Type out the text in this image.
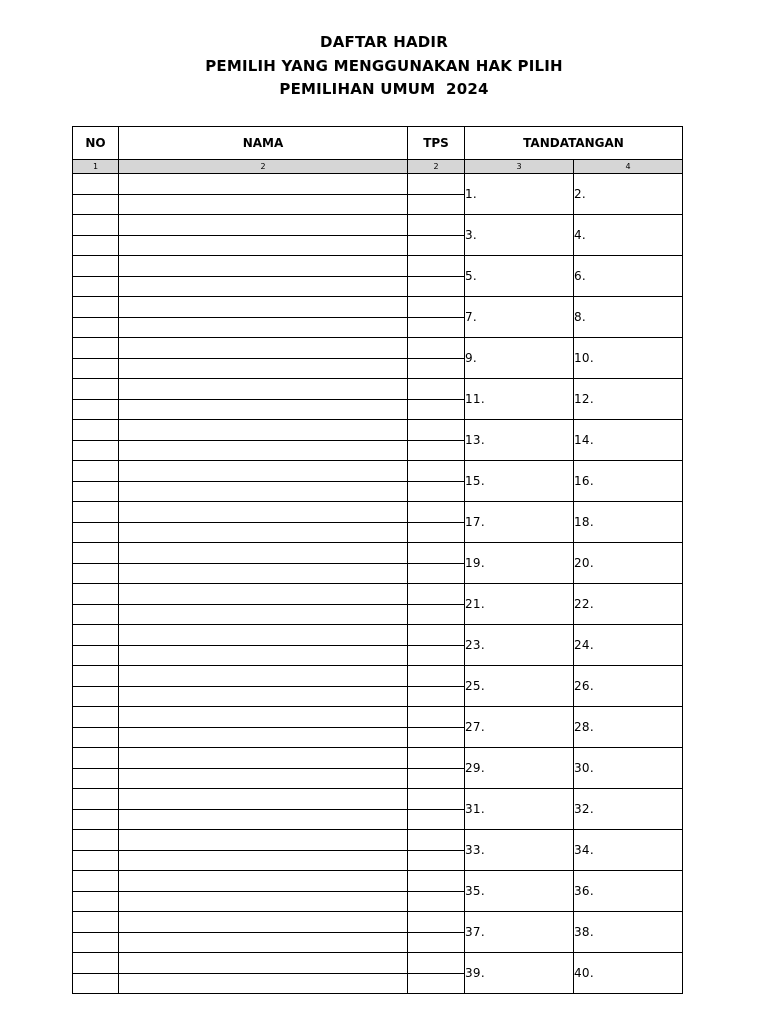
DAFTAR HADIR
PEMILIH YANG MENGGUNAKAN HAK PILIH
PEMILIHAN UMUM  2024
NO	NAMA	TPS	TANDATANGAN	
1	2	2	3	4
			1.	2.

			3.	4.

			5.	6.

			7.	8.

			9.	10.

			11.	12.

			13.	14.

			15.	16.

			17.	18.

			19.	20.

			21.	22.

			23.	24.

			25.	26.

			27.	28.

			29.	30.

			31.	32.

			33.	34.

			35.	36.

			37.	38.

			39.	40.
